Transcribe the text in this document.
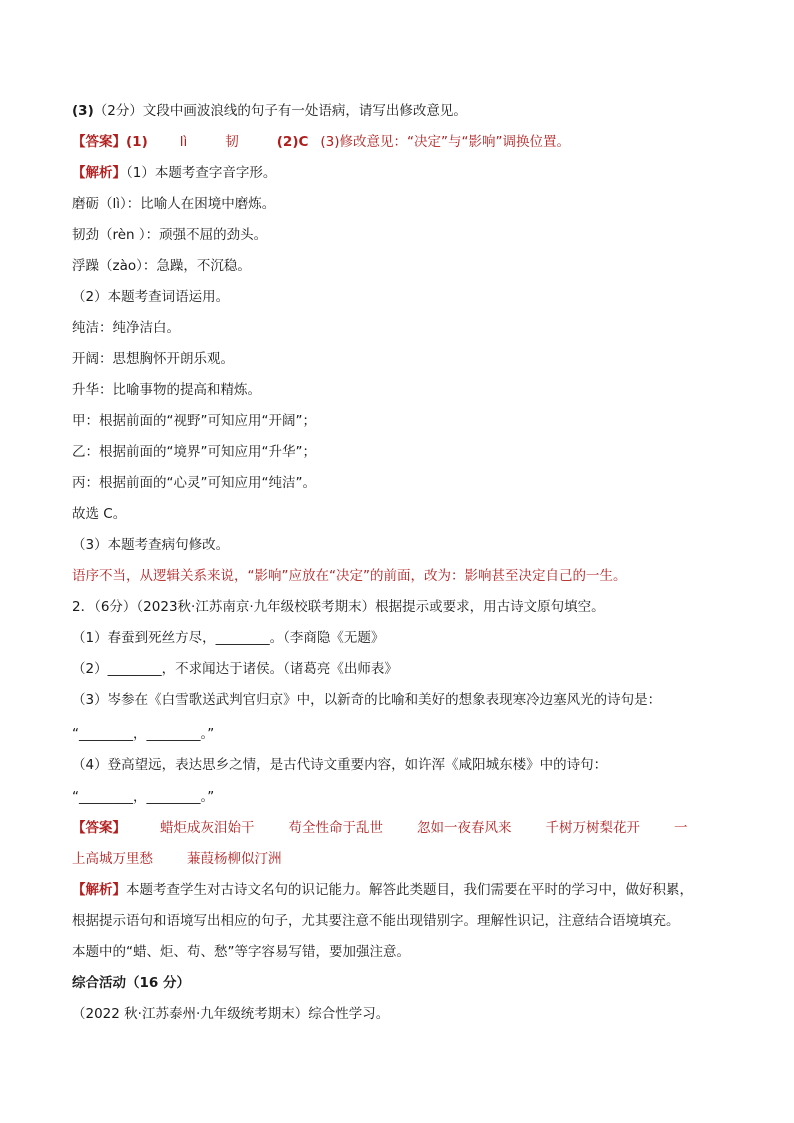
(3)（2分）文段中画波浪线的句子有一处语病，请写出修改意见。
【答案】(1) lì	韧	(2)C (3)修改意见：“决定”与“影响”调换位置。
【解析】（1）本题考查字音字形。
磨砺（lì）：比喻人在困境中磨炼。
韧劲（rèn ）：顽强不屈的劲头。
浮躁（zào）：急躁，不沉稳。
（2）本题考查词语运用。
纯洁：纯净洁白。
开阔：思想胸怀开朗乐观。
升华：比喻事物的提高和精炼。
甲：根据前面的“视野”可知应用“开阔”；
乙：根据前面的“境界”可知应用“升华”；
丙：根据前面的“心灵”可知应用“纯洁”。
故选 C。
（3）本题考查病句修改。
语序不当，从逻辑关系来说，“影响”应放在“决定”的前面，改为：影响甚至决定自己的一生。
2．（6分）（2023秋·江苏南京·九年级校联考期末）根据提示或要求，用古诗文原句填空。
（1）春蚕到死丝方尽，________。（李商隐《无题》
（2）________，不求闻达于诸侯。（诸葛亮《出师表》
（3）岑参在《白雪歌送武判官归京》中，以新奇的比喻和美好的想象表现寒冷边塞风光的诗句是：
“________，________。”
（4）登高望远，表达思乡之情，是古代诗文重要内容，如许浑《咸阳城东楼》中的诗句：
“________，________。”
【答案】	蜡炬成灰泪始干	苟全性命于乱世	忽如一夜春风来	千树万树梨花开	一
上高城万里愁	蒹葭杨柳似汀洲
【解析】本题考查学生对古诗文名句的识记能力。解答此类题目，我们需要在平时的学习中，做好积累，
根据提示语句和语境写出相应的句子，尤其要注意不能出现错别字。理解性识记，注意结合语境填充。
本题中的“蜡、炬、苟、愁”等字容易写错，要加强注意。
综合活动（16 分）
（2022 秋·江苏泰州·九年级统考期末）综合性学习。
